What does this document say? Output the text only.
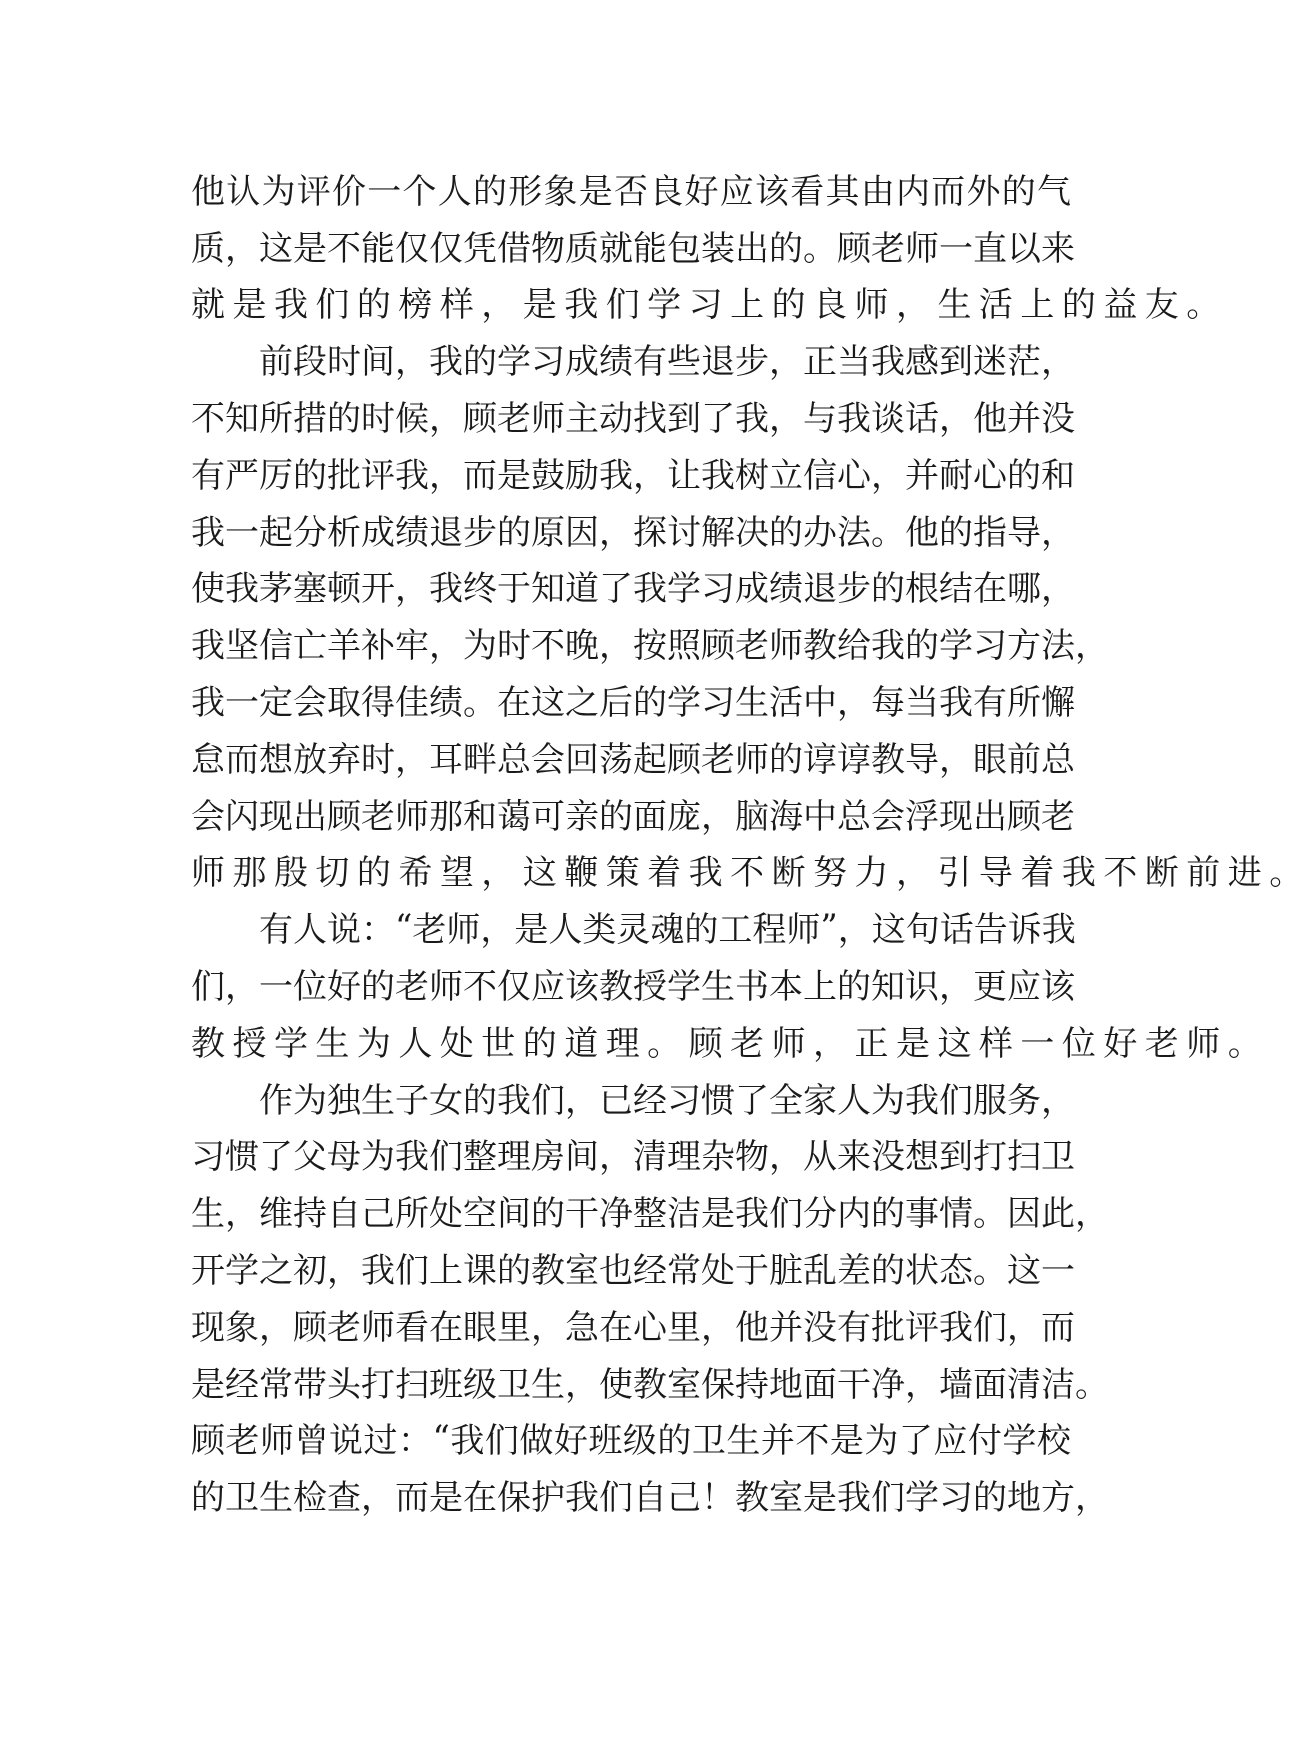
他 认 为 评 价 一 个 人 的 形 象 是 否 良 好 应 该 看 其 由 内 而 外 的 气
质 ， 这 是 不 能 仅 仅 凭 借 物 质 就 能 包 装 出 的 。 顾 老 师 一 直 以 来
就 是 我 们 的 榜 样 ， 是 我 们 学 习 上 的 良 师 ， 生 活 上 的 益 友 。
前 段 时 间 ， 我 的 学 习 成 绩 有 些 退 步 ， 正 当 我 感 到 迷 茫 ，
不 知 所 措 的 时 候 ， 顾 老 师 主 动 找 到 了 我 ， 与 我 谈 话 ， 他 并 没
有 严 厉 的 批 评 我 ， 而 是 鼓 励 我 ， 让 我 树 立 信 心 ， 并 耐 心 的 和
我 一 起 分 析 成 绩 退 步 的 原 因 ， 探 讨 解 决 的 办 法 。 他 的 指 导 ，
使 我 茅 塞 顿 开 ， 我 终 于 知 道 了 我 学 习 成 绩 退 步 的 根 结 在 哪 ，
我 坚 信 亡 羊 补 牢 ， 为 时 不 晚 ， 按 照 顾 老 师 教 给 我 的 学 习 方 法 ，
我 一 定 会 取 得 佳 绩 。 在 这 之 后 的 学 习 生 活 中 ， 每 当 我 有 所 懈
怠 而 想 放 弃 时 ， 耳 畔 总 会 回 荡 起 顾 老 师 的 谆 谆 教 导 ， 眼 前 总
会 闪 现 出 顾 老 师 那 和 蔼 可 亲 的 面 庞 ， 脑 海 中 总 会 浮 现 出 顾 老
师 那 殷 切 的 希 望 ， 这 鞭 策 着 我 不 断 努 力 ， 引 导 着 我 不 断 前 进 。
有 人 说 ： “ 老 师 ， 是 人 类 灵 魂 的 工 程 师 ” ， 这 句 话 告 诉 我
们 ， 一 位 好 的 老 师 不 仅 应 该 教 授 学 生 书 本 上 的 知 识 ， 更 应 该
教 授 学 生 为 人 处 世 的 道 理 。 顾 老 师 ， 正 是 这 样 一 位 好 老 师 。
作 为 独 生 子 女 的 我 们 ， 已 经 习 惯 了 全 家 人 为 我 们 服 务 ，
习 惯 了 父 母 为 我 们 整 理 房 间 ， 清 理 杂 物 ， 从 来 没 想 到 打 扫 卫
生 ， 维 持 自 己 所 处 空 间 的 干 净 整 洁 是 我 们 分 内 的 事 情 。 因 此 ，
开 学 之 初 ， 我 们 上 课 的 教 室 也 经 常 处 于 脏 乱 差 的 状 态 。 这 一
现 象 ， 顾 老 师 看 在 眼 里 ， 急 在 心 里 ， 他 并 没 有 批 评 我 们 ， 而
是 经 常 带 头 打 扫 班 级 卫 生 ， 使 教 室 保 持 地 面 干 净 ， 墙 面 清 洁 。
顾 老 师 曾 说 过 ： “ 我 们 做 好 班 级 的 卫 生 并 不 是 为 了 应 付 学 校
的 卫 生 检 查 ， 而 是 在 保 护 我 们 自 己 ！ 教 室 是 我 们 学 习 的 地 方 ，
